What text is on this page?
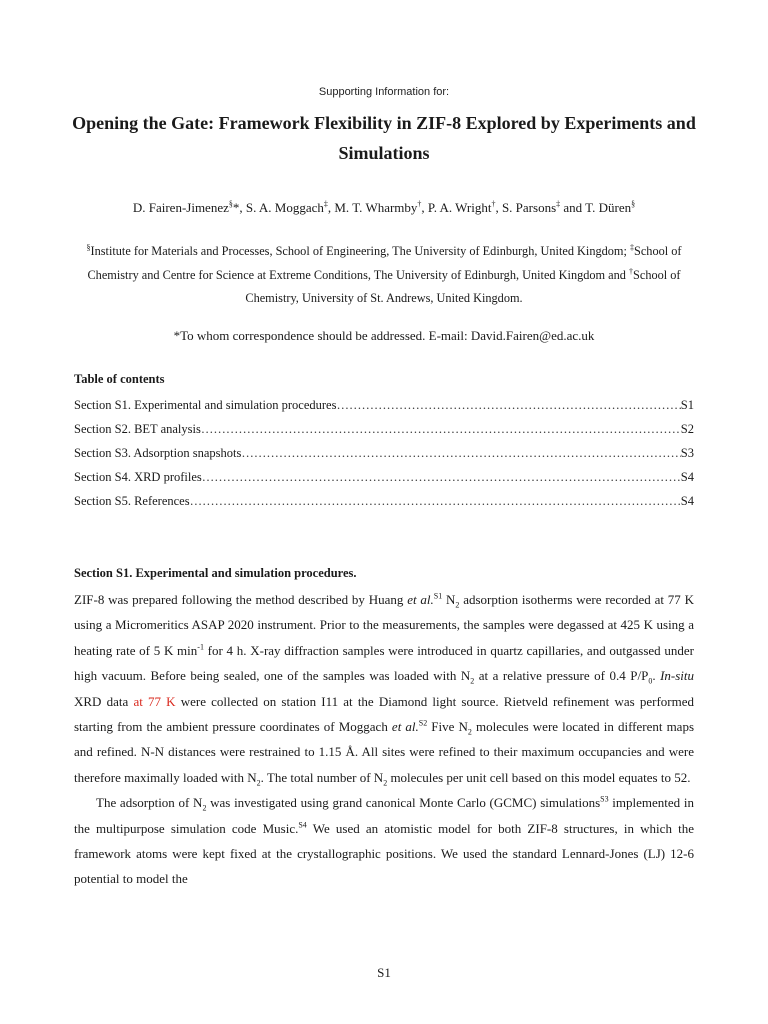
Supporting Information for:
Opening the Gate: Framework Flexibility in ZIF-8 Explored by Experiments and Simulations
D. Fairen-Jimenez§*, S. A. Moggach‡, M. T. Wharmby†, P. A. Wright†, S. Parsons‡ and T. Düren§
§Institute for Materials and Processes, School of Engineering, The University of Edinburgh, United Kingdom; ‡School of Chemistry and Centre for Science at Extreme Conditions, The University of Edinburgh, United Kingdom and †School of Chemistry, University of St. Andrews, United Kingdom.
*To whom correspondence should be addressed. E-mail: David.Fairen@ed.ac.uk
Table of contents
Section S1. Experimental and simulation procedures ……………………………………………………………………………………………………………………………………	S1
Section S2. BET analysis ……………………………………………………………………………………………………………………………………	S2
Section S3. Adsorption snapshots ……………………………………………………………………………………………………………………………………	S3
Section S4. XRD profiles ……………………………………………………………………………………………………………………………………	S4
Section S5. References ……………………………………………………………………………………………………………………………………	S4
Section S1. Experimental and simulation procedures.

ZIF-8 was prepared following the method described by Huang et al.$^{S1}$ $N_2$ adsorption isotherms were recorded at 77 K using a Micromeritics ASAP 2020 instrument. Prior to the measurements, the samples were degassed at 425 K using a heating rate of 5 K $\min^{-1}$ for 4 h. X-ray diffraction samples were introduced in quartz capillaries, and outgassed under high vacuum. Before being sealed, one of the samples was loaded with $N_2$ at a relative pressure of 0.4 $P/P_0$. In-situ XRD data at 77 K were collected on station I11 at the Diamond light source. Rietveld refinement was performed starting from the ambient pressure coordinates of Moggach et al.$^{S2}$ Five $N_2$ molecules were located in different maps and refined. N-N distances were restrained to 1.15 Å. All sites were refined to their maximum occupancies and were therefore maximally loaded with $N_2$. The total number of $N_2$ molecules per unit cell based on this model equates to 52.

The adsorption of $N_2$ was investigated using grand canonical Monte Carlo (GCMC) simulations$^{S3}$ implemented in the multipurpose simulation code Music.$^{S4}$ We used an atomistic model for both ZIF-8 structures, in which the framework atoms were kept fixed at the crystallographic positions. We used the standard Lennard-Jones (LJ) 12-6 potential to model the

S1
